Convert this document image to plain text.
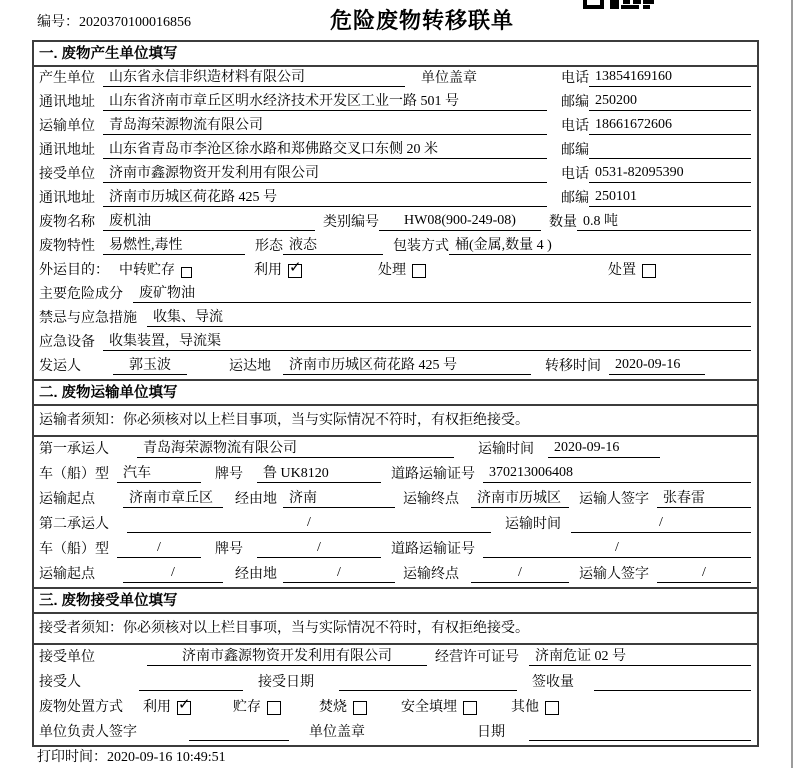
编号：2020370100016856	危险废物转移联单
一. 废物产生单位填写
产生单位	山东省永信非织造材料有限公司	单位盖章	电话 13854169160
通讯地址	山东省济南市章丘区明水经济技术开发区工业一路 501 号	邮编 250200
运输单位	青岛海荣源物流有限公司	电话 18661672606
通讯地址	山东省青岛市李沧区徐水路和郑佛路交叉口东侧 20 米	邮编
接受单位	济南市鑫源物资开发利用有限公司	电话 0531-82095390
通讯地址	济南市历城区荷花路 425 号	邮编 250101
废物名称	废机油	类别编号	HW08(900-249-08)	数量 0.8 吨
废物特性	易燃性,毒性	形态 液态	包装方式 桶(金属,数量 4 )
外运目的： 中转贮存	利用 ✓	处理	处置
主要危险成分	废矿物油
禁忌与应急措施	收集、导流
应急设备	收集装置，导流渠
发运人	郭玉波	运达地	济南市历城区荷花路 425 号	转移时间	2020-09-16
二. 废物运输单位填写
运输者须知：你必须核对以上栏目事项，当与实际情况不符时，有权拒绝接受。
第一承运人	青岛海荣源物流有限公司	运输时间	2020-09-16
车（船）型	汽车	牌号	鲁 UK8120	道路运输证号	370213006408
运输起点	济南市章丘区	经由地 济南	运输终点	济南市历城区	运输人签字	张春雷
第二承运人	/	运输时间	/
车（船）型	/	牌号	/	道路运输证号	/
运输起点	/	经由地	/	运输终点	/	运输人签字	/
三. 废物接受单位填写
接受者须知：你必须核对以上栏目事项，当与实际情况不符时，有权拒绝接受。
接受单位	济南市鑫源物资开发利用有限公司	经营许可证号	济南危证 02 号
接受人	接受日期	签收量
废物处置方式 利用 ✓	贮存	焚烧	安全填埋	其他
单位负责人签字	单位盖章	日期
打印时间：2020-09-16 10:49:51
